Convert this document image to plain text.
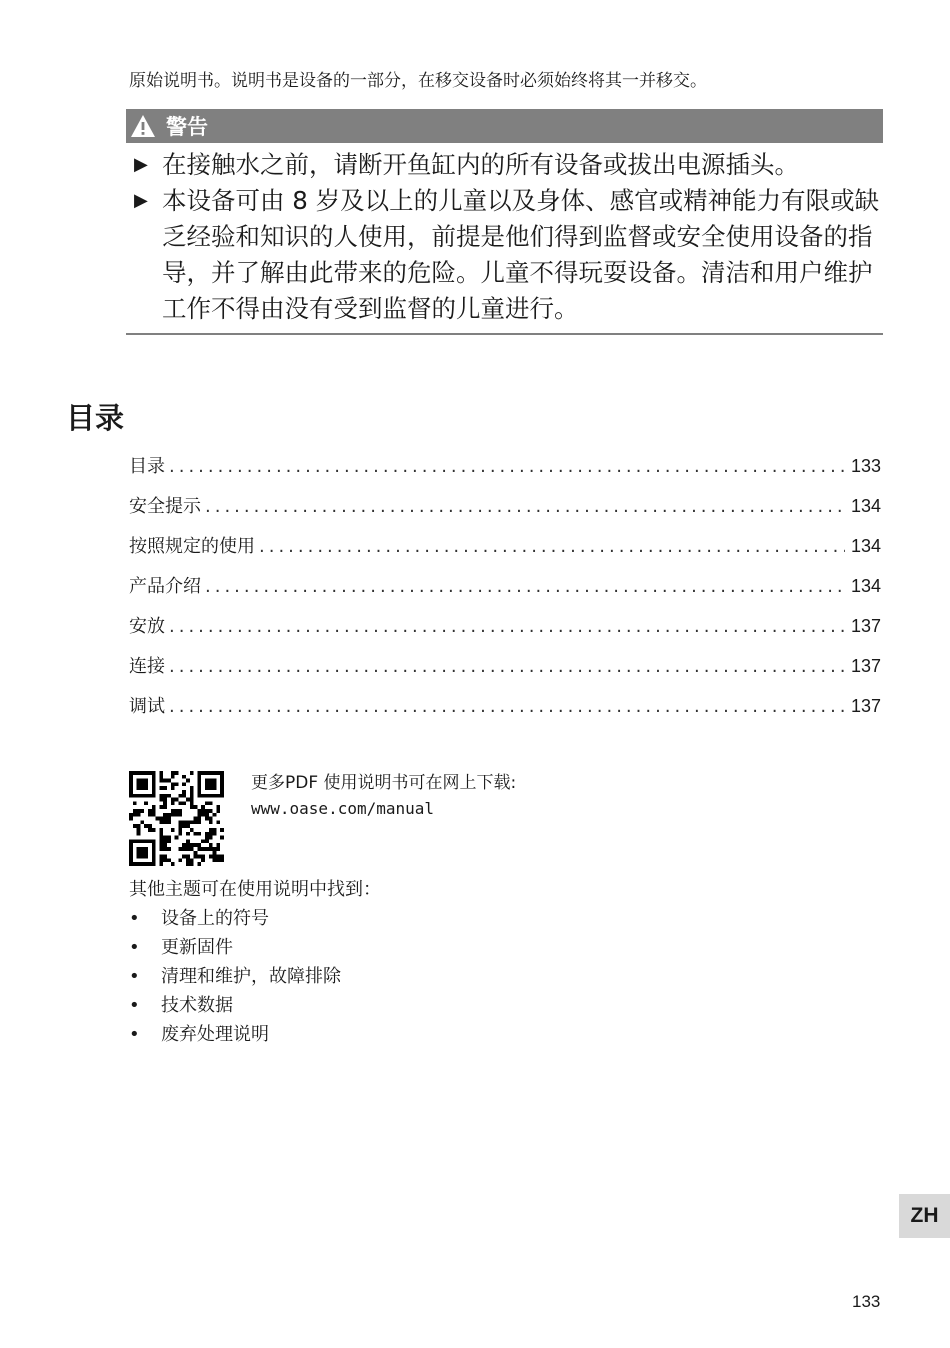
原始说明书。说明书是设备的一部分，在移交设备时必须始终将其一并移交。
警告
▶ 在接触水之前，请断开鱼缸内的所有设备或拔出电源插头。
▶ 本设备可由 8 岁及以上的儿童以及身体、感官或精神能力有限或缺乏经验和知识的人使用，前提是他们得到监督或安全使用设备的指导，并了解由此带来的危险。儿童不得玩耍设备。清洁和用户维护工作不得由没有受到监督的儿童进行。
目录
目录 .....	133
安全提示 .....	134
按照规定的使用 .....	134
产品介绍 .....	134
安放 .....	137
连接 .....	137
调试 .....	137
更多PDF 使用说明书可在网上下载:
www.oase.com/manual
其他主题可在使用说明中找到：
• 设备上的符号
• 更新固件
• 清理和维护，故障排除
• 技术数据
• 废弃处理说明
ZH
133
